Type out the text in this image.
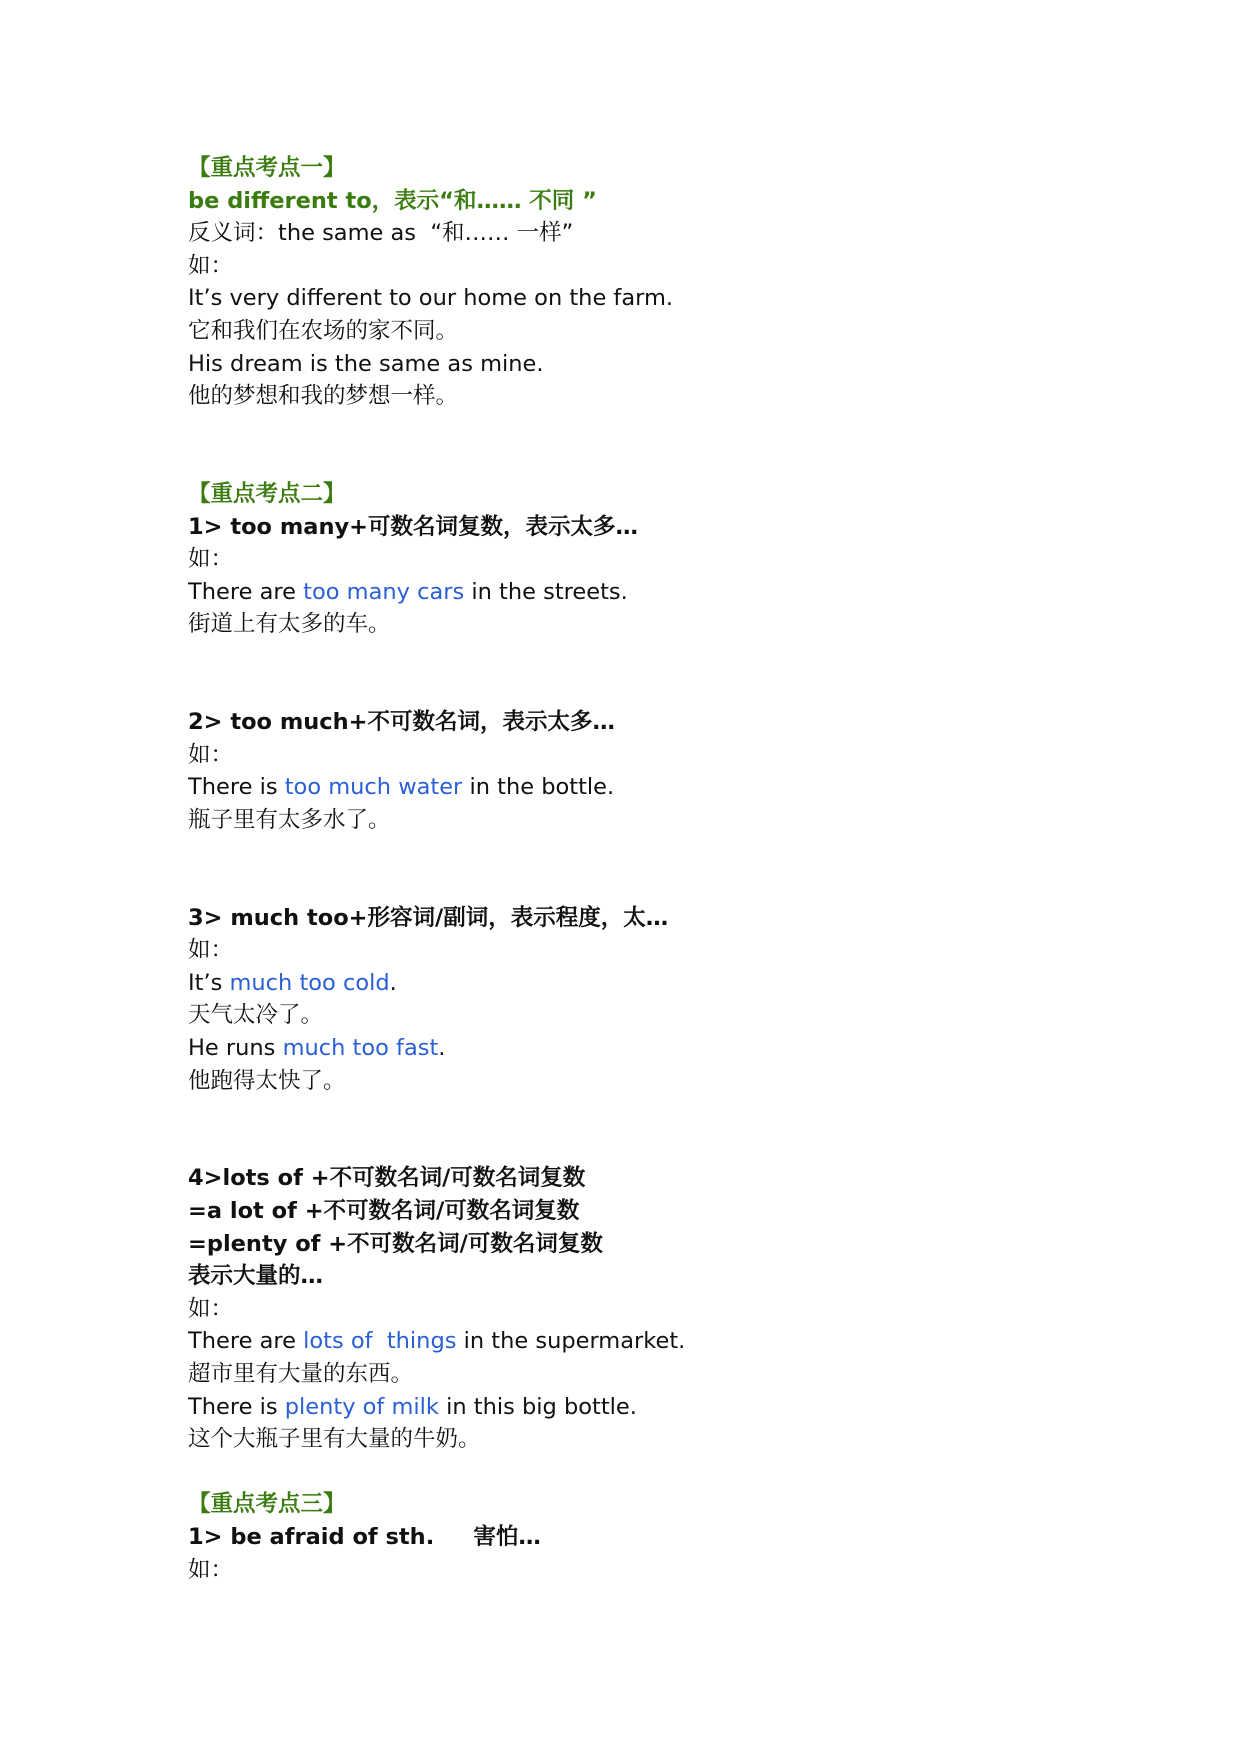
【重点考点一】
be different to，表示“和…… 不同 ”
反义词：the same as  “和…… 一样”
如：
It’s very different to our home on the farm.
它和我们在农场的家不同。
His dream is the same as mine.
他的梦想和我的梦想一样。
【重点考点二】
1> too many+可数名词复数，表示太多…
如：
There are too many cars in the streets.
街道上有太多的车。
2> too much+不可数名词，表示太多…
如：
There is too much water in the bottle.
瓶子里有太多水了。
3> much too+形容词/副词，表示程度，太…
如：
It’s much too cold.
天气太冷了。
He runs much too fast.
他跑得太快了。
4>lots of +不可数名词/可数名词复数
=a lot of +不可数名词/可数名词复数
=plenty of +不可数名词/可数名词复数
表示大量的…
如：
There are lots of  things in the supermarket.
超市里有大量的东西。
There is plenty of milk in this big bottle.
这个大瓶子里有大量的牛奶。
【重点考点三】
1> be afraid of sth.     害怕…
如：
